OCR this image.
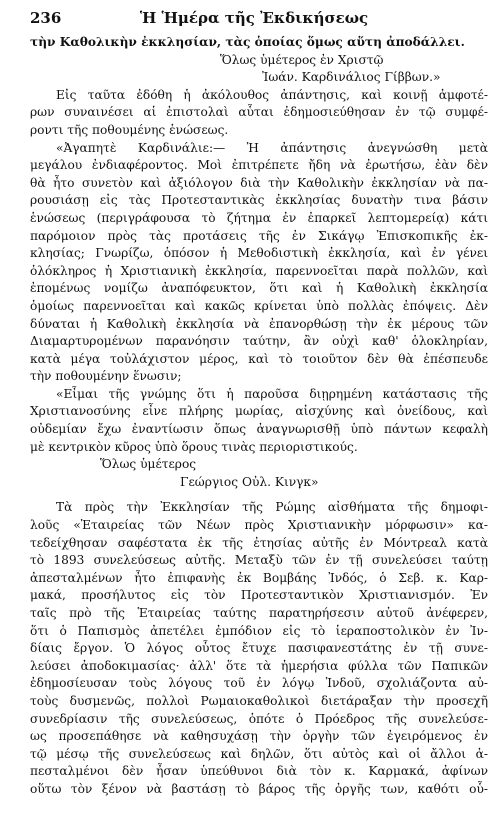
236	Ἡ Ἡμέρα τῆς Ἐκδικήσεως
τὴν Καθολικὴν ἐκκλησίαν, τὰς ὁποίας ὅμως αὕτη ἀποδάλλει.
Ὅλως ὑμέτερος ἐν Χριστῷ
Ἰωάν. Καρδινάλιος Γίββων.»
Εἰς ταῦτα ἐδόθη ἡ ἀκόλουθος ἀπάντησις, καὶ κοινῇ ἀμφοτέ-
ρων συναινέσει αἱ ἐπιστολαὶ αὗται ἐδημοσιεύθησαν ἐν τῷ συμφέ-
ροντι τῆς ποθουμένης ἑνώσεως.
«Ἀγαπητὲ Καρδινάλιε:— Ἡ ἀπάντησις ἀνεγνώσθη μετὰ
μεγάλου ἐνδιαφέροντος. Μοὶ ἐπιτρέπετε ἤδη νὰ ἐρωτήσω, ἐὰν δὲν
θὰ ἦτο συνετὸν καὶ ἀξιόλογον διὰ τὴν Καθολικὴν ἐκκλησίαν νὰ πα-
ρουσιάσῃ εἰς τὰς Προτεσταντικὰς ἐκκλησίας δυνατὴν τινα βάσιν
ἑνώσεως (περιγράφουσα τὸ ζήτημα ἐν ἐπαρκεῖ λεπτομερείᾳ) κάτι
παρόμοιον πρὸς τὰς προτάσεις τῆς ἐν Σικάγῳ Ἐπισκοπικῆς ἐκ-
κλησίας; Γνωρίζω, ὁπόσον ἡ Μεθοδιστικὴ ἐκκλησία, καὶ ἐν γένει
ὁλόκληρος ἡ Χριστιανικὴ ἐκκλησία, παρεννοεῖται παρὰ πολλῶν, καὶ
ἐπομένως νομίζω ἀναπόφευκτον, ὅτι καὶ ἡ Καθολικὴ ἐκκλησία
ὁμοίως παρεννοεῖται καὶ κακῶς κρίνεται ὑπὸ πολλὰς ἐπόψεις. Δὲν
δύναται ἡ Καθολικὴ ἐκκλησία νὰ ἐπανορθώσῃ τὴν ἐκ μέρους τῶν
Διαμαρτυρομένων παρανόησιν ταύτην, ἂν οὐχὶ καθ' ὁλοκληρίαν,
κατὰ μέγα τοὐλάχιστον μέρος, καὶ τὸ τοιοῦτον δὲν θὰ ἐπέσπευδε
τὴν ποθουμένην ἕνωσιν;
«Εἶμαι τῆς γνώμης ὅτι ἡ παροῦσα διῃρημένη κατάστασις τῆς
Χριστιανοσύνης εἶνε πλήρης μωρίας, αἰσχύνης καὶ ὀνείδους, καὶ
οὐδεμίαν ἔχω ἐναντίωσιν ὅπως ἀναγνωρισθῇ ὑπὸ πάντων κεφαλὴ
μὲ κεντρικὸν κῦρος ὑπὸ ὅρους τινὰς περιοριστικούς.
Ὅλως ὑμέτερος
Γεώργιος Οὐλ. Κινγκ»
Τὰ πρὸς τὴν Ἐκκλησίαν τῆς Ρώμης αἰσθήματα τῆς δημοφι-
λοῦς «Ἑταιρείας τῶν Νέων πρὸς Χριστιανικὴν μόρφωσιν» κα-
τεδείχθησαν σαφέστατα ἐκ τῆς ἐτησίας αὐτῆς ἐν Μόντρεαλ κατὰ
τὸ 1893 συνελεύσεως αὐτῆς. Μεταξὺ τῶν ἐν τῇ συνελεύσει ταύτῃ
ἀπεσταλμένων ἦτο ἐπιφανὴς ἐκ Βομβάης Ἰνδός, ὁ Σεβ. κ. Καρ-
μακά, προσήλυτος εἰς τὸν Προτεσταντικὸν Χριστιανισμόν. Ἐν
ταῖς πρὸ τῆς Ἑταιρείας ταύτης παρατηρήσεσιν αὐτοῦ ἀνέφερεν,
ὅτι ὁ Παπισμὸς ἀπετέλει ἐμπόδιον εἰς τὸ ἱεραποστολικὸν ἐν Ἰν-
δίαις ἔργον. Ὁ λόγος οὗτος ἔτυχε πασιφανεστάτης ἐν τῇ συνε-
λεύσει ἀποδοκιμασίας· ἀλλ' ὅτε τὰ ἡμερήσια φύλλα τῶν Παπικῶν
ἐδημοσίευσαν τοὺς λόγους τοῦ ἐν λόγῳ Ἰνδοῦ, σχολιάζοντα αὐ-
τοὺς δυσμενῶς, πολλοὶ Ρωμαιοκαθολικοὶ διετάραξαν τὴν προσεχῆ
συνεδρίασιν τῆς συνελεύσεως, ὁπότε ὁ Πρόεδρος τῆς συνελεύσε-
ως προσεπάθησε νὰ καθησυχάσῃ τὴν ὀργὴν τῶν ἐγειρόμενος ἐν
τῷ μέσῳ τῆς συνελεύσεως καὶ δηλῶν, ὅτι αὐτὸς καὶ οἱ ἄλλοι ἀ-
πεσταλμένοι δὲν ἦσαν ὑπεύθυνοι διὰ τὸν κ. Καρμακά, ἀφίνων
οὕτω τὸν ξένον νὰ βαστάσῃ τὸ βάρος τῆς ὀργῆς των, καθότι οὗ-
